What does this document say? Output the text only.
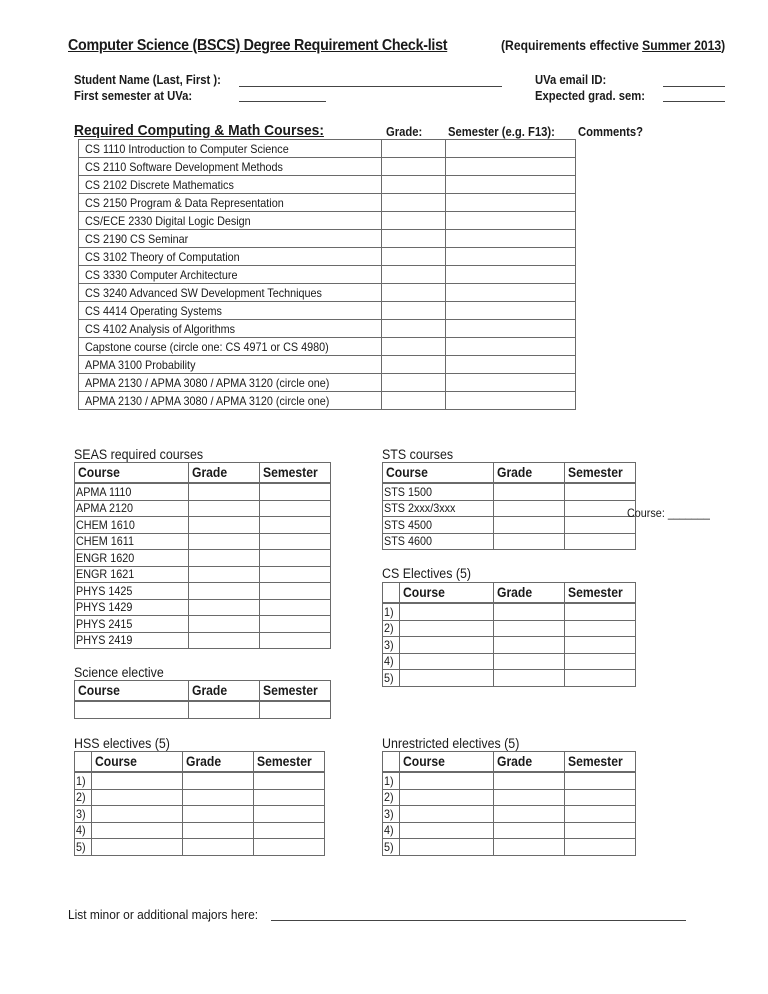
Computer Science (BSCS) Degree Requirement Check-list	(Requirements effective Summer 2013)
Student Name (Last, First ):
First semester at UVa:
UVa email ID:
Expected grad. sem:
Required Computing & Math Courses:	Grade: Semester (e.g. F13): Comments?
CS 1110 Introduction to Computer Science		
CS 2110 Software Development Methods		
CS 2102 Discrete Mathematics		
CS 2150 Program & Data Representation		
CS/ECE 2330 Digital Logic Design		
CS 2190 CS Seminar		
CS 3102 Theory of Computation		
CS 3330 Computer Architecture		
CS 3240 Advanced SW Development Techniques		
CS 4414 Operating Systems		
CS 4102 Analysis of Algorithms		
Capstone course (circle one: CS 4971 or CS 4980)		
APMA 3100 Probability		
APMA 2130 / APMA 3080 / APMA 3120 (circle one)		
APMA 2130 / APMA 3080 / APMA 3120 (circle one)		
SEAS required courses
Course	Grade	Semester
APMA 1110		
APMA 2120		
CHEM 1610		
CHEM 1611		
ENGR 1620		
ENGR 1621		
PHYS 1425		
PHYS 1429		
PHYS 2415		
PHYS 2419		
STS courses
Course	Grade	Semester
STS 1500		
STS 2xxx/3xxx		
STS 4500		
STS 4600		
Course: _______
CS Electives (5)
	Course	Grade	Semester
1)			
2)			
3)			
4)			
5)			
Science elective
Course	Grade	Semester

HSS electives (5)
	Course	Grade	Semester
1)			
2)			
3)			
4)			
5)			
Unrestricted electives (5)
	Course	Grade	Semester
1)			
2)			
3)			
4)			
5)			
List minor or additional majors here:
